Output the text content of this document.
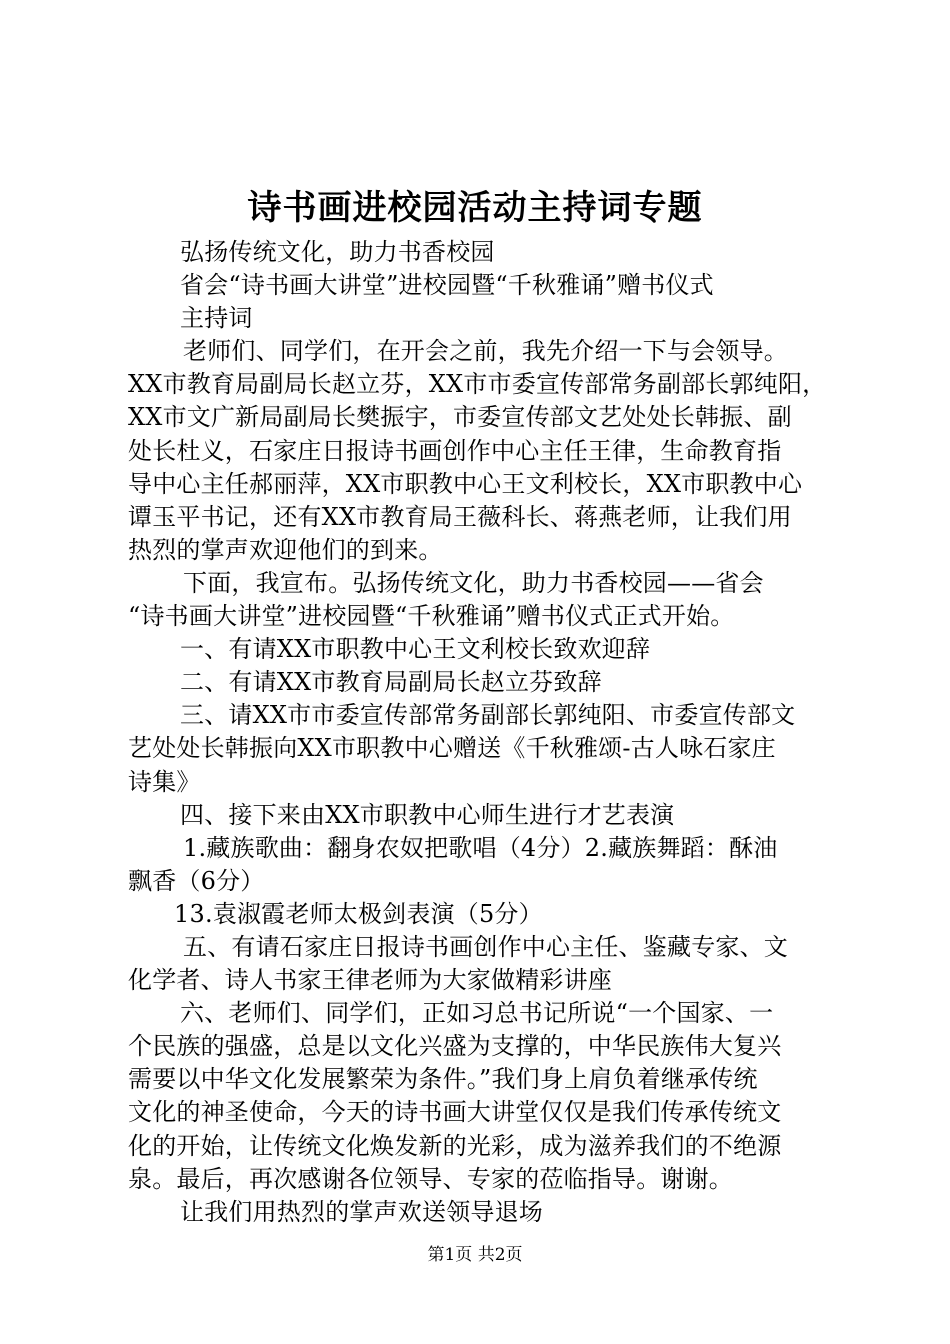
诗书画进校园活动主持词专题
弘扬传统文化，助力书香校园
省会“诗书画大讲堂”进校园暨“千秋雅诵”赠书仪式
主持词
老师们、同学们，在开会之前，我先介绍一下与会领导。
XX市教育局副局长赵立芬，XX市市委宣传部常务副部长郭纯阳，
XX市文广新局副局长樊振宇，市委宣传部文艺处处长韩振、副
处长杜义，石家庄日报诗书画创作中心主任王律，生命教育指
导中心主任郝丽萍，XX市职教中心王文利校长，XX市职教中心
谭玉平书记，还有XX市教育局王薇科长、蒋燕老师，让我们用
热烈的掌声欢迎他们的到来。
下面，我宣布。弘扬传统文化，助力书香校园——省会
“诗书画大讲堂”进校园暨“千秋雅诵”赠书仪式正式开始。
一、有请XX市职教中心王文利校长致欢迎辞
二、有请XX市教育局副局长赵立芬致辞
三、请XX市市委宣传部常务副部长郭纯阳、市委宣传部文
艺处处长韩振向XX市职教中心赠送《千秋雅颂-古人咏石家庄
诗集》
四、接下来由XX市职教中心师生进行才艺表演
1.藏族歌曲：翻身农奴把歌唱（4分）2.藏族舞蹈：酥油
飘香（6分）
13.袁淑霞老师太极剑表演（5分）
五、有请石家庄日报诗书画创作中心主任、鉴藏专家、文
化学者、诗人书家王律老师为大家做精彩讲座
六、老师们、同学们，正如习总书记所说“一个国家、一
个民族的强盛，总是以文化兴盛为支撑的，中华民族伟大复兴
需要以中华文化发展繁荣为条件。”我们身上肩负着继承传统
文化的神圣使命，今天的诗书画大讲堂仅仅是我们传承传统文
化的开始，让传统文化焕发新的光彩，成为滋养我们的不绝源
泉。最后，再次感谢各位领导、专家的莅临指导。谢谢。
让我们用热烈的掌声欢送领导退场
第1页 共2页
